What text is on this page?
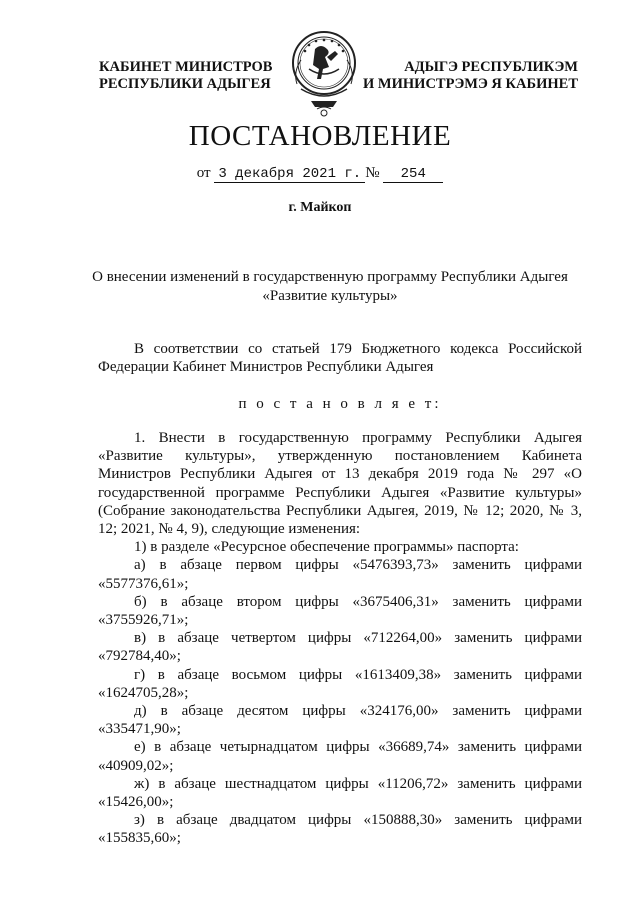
КАБИНЕТ МИНИСТРОВ
РЕСПУБЛИКИ АДЫГЕЯ
АДЫГЭ РЕСПУБЛИКЭМ
И МИНИСТРЭМЭ Я КАБИНЕТ
ПОСТАНОВЛЕНИЕ
от 3 декабря 2021 г. № 254
г. Майкоп
О внесении изменений в государственную программу Республики Адыгея
«Развитие культуры»

В соответствии со статьей 179 Бюджетного кодекса Российской Федерации Кабинет Министров Республики Адыгея

п о с т а н о в л я е т:

1. Внести в государственную программу Республики Адыгея «Развитие культуры», утвержденную постановлением Кабинета Министров Республики Адыгея от 13 декабря 2019 года № 297 «О государственной программе Республики Адыгея «Развитие культуры» (Собрание законодательства Республики Адыгея, 2019, № 12; 2020, № 3, 12; 2021, № 4, 9), следующие изменения:

1) в разделе «Ресурсное обеспечение программы» паспорта:

а) в абзаце первом цифры «5476393,73» заменить цифрами

«5577376,61»;

б) в абзаце втором цифры «3675406,31» заменить цифрами

«3755926,71»;

в) в абзаце четвертом цифры «712264,00» заменить цифрами

«792784,40»;

г) в абзаце восьмом цифры «1613409,38» заменить цифрами

«1624705,28»;

д) в абзаце десятом цифры «324176,00» заменить цифрами

«335471,90»;

е) в абзаце четырнадцатом цифры «36689,74» заменить цифрами

«40909,02»;

ж) в абзаце шестнадцатом цифры «11206,72» заменить цифрами

«15426,00»;

з) в абзаце двадцатом цифры «150888,30» заменить цифрами

«155835,60»;
